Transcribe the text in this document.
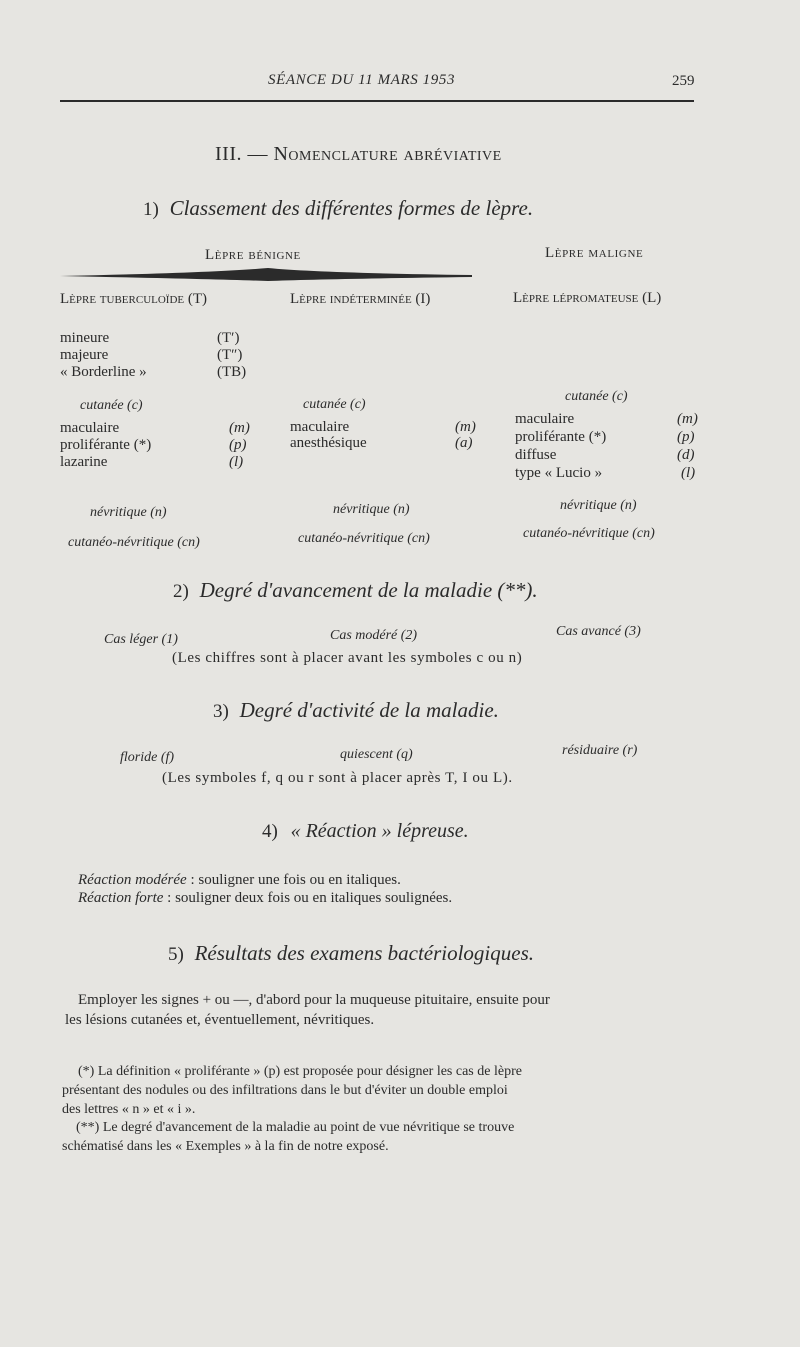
SÉANCE DU 11 MARS 1953	259
III. — Nomenclature abréviative
1) Classement des différentes formes de lèpre.
Lèpre bénigne	Lèpre maligne
Lèpre tuberculoïde (T)	Lèpre indéterminée (I)	Lèpre lépromateuse (L)
mineure	(T′)
majeure	(T″)
« Borderline »	(TB)
cutanée (c)	cutanée (c)
cutanée (c)
maculaire	(m)
proliférante (*)	(p)
lazarine	(l)
maculaire	(m)
anesthésique	(a)
maculaire	(m)
proliférante (*)	(p)
diffuse	(d)
type « Lucio »	(l)
névritique (n)	névritique (n)	névritique (n)
cutanéo-névritique (cn)	cutanéo-névritique (cn)	cutanéo-névritique (cn)
2) Degré d'avancement de la maladie (**).
Cas léger (1)	Cas modéré (2)	Cas avancé (3)
(Les chiffres sont à placer avant les symboles c ou n)
3) Degré d'activité de la maladie.
floride (f)	quiescent (q)	résiduaire (r)
(Les symboles f, q ou r sont à placer après T, I ou L).
4) « Réaction » lépreuse.
Réaction modérée : souligner une fois ou en italiques.
Réaction forte : souligner deux fois ou en italiques soulignées.
5) Résultats des examens bactériologiques.
Employer les signes + ou —, d'abord pour la muqueuse pituitaire, ensuite pour
les lésions cutanées et, éventuellement, névritiques.
(*) La définition « proliférante » (p) est proposée pour désigner les cas de lèpre
présentant des nodules ou des infiltrations dans le but d'éviter un double emploi
des lettres « n » et « i ».
(**) Le degré d'avancement de la maladie au point de vue névritique se trouve
schématisé dans les « Exemples » à la fin de notre exposé.
